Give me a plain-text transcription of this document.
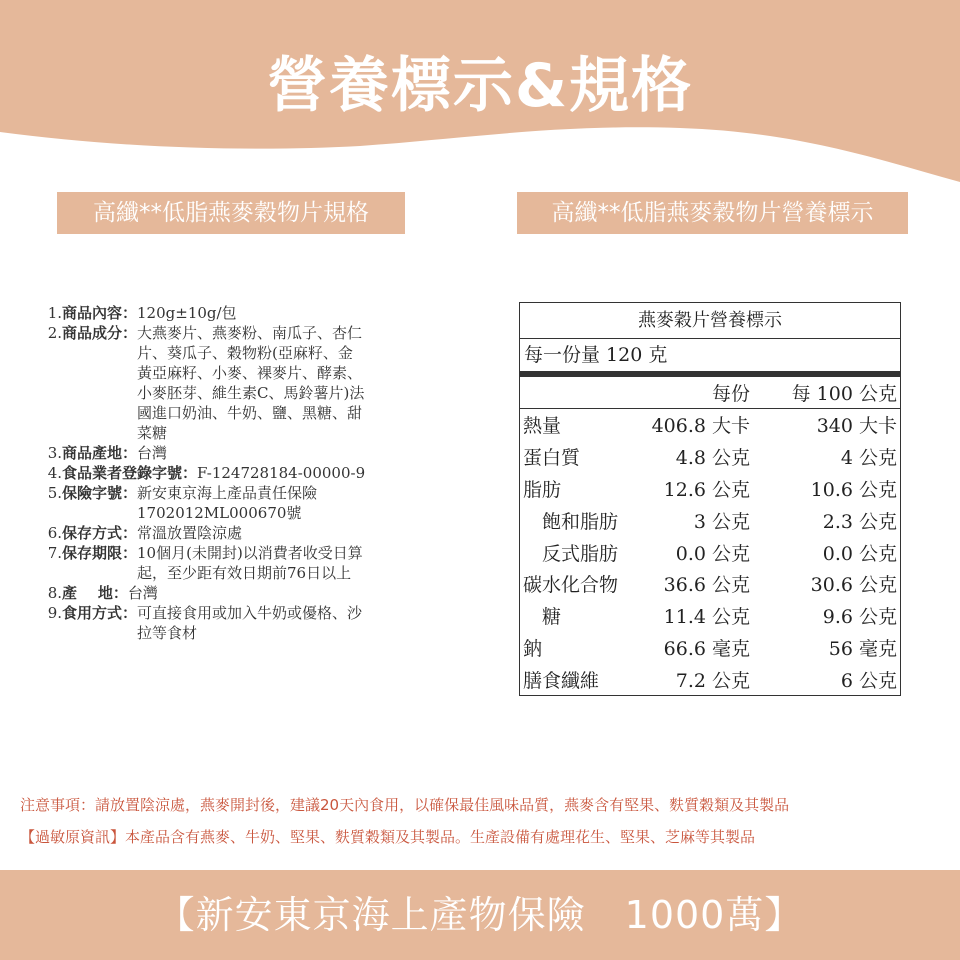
營養標示&規格
高纖**低脂燕麥穀物片規格	高纖**低脂燕麥穀物片營養標示
1. 商品內容： 120g±10g/包
2. 商品成分： 大燕麥片、燕麥粉、南瓜子、杏仁
片、葵瓜子、穀物粉(亞麻籽、金
黃亞麻籽、小麥、裸麥片、酵素、
小麥胚芽、維生素C、馬鈴薯片)法
國進口奶油、牛奶、鹽、黑糖、甜
菜糖
3. 商品產地： 台灣
4. 食品業者登錄字號： F-124728184-00000-9
5. 保險字號： 新安東京海上產品責任保險
1702012ML000670號
6. 保存方式： 常溫放置陰涼處
7. 保存期限： 10個月(未開封)以消費者收受日算
起，至少距有效日期前76日以上
8. 產    地： 台灣
9. 食用方式： 可直接食用或加入牛奶或優格、沙
拉等食材
燕麥穀片營養標示
每一份量 120 克
每份 每 100 公克
熱量	406.8 大卡	340 大卡
蛋白質	4.8 公克	4 公克
脂肪	12.6 公克	10.6 公克
飽和脂肪	3 公克	2.3 公克
反式脂肪	0.0 公克	0.0 公克
碳水化合物 36.6 公克	30.6 公克
糖	11.4 公克	9.6 公克
鈉	66.6 毫克	56 毫克
膳食纖維	7.2 公克	6 公克
注意事項：請放置陰涼處，燕麥開封後，建議20天內食用，以確保最佳風味品質，燕麥含有堅果、麩質穀類及其製品
【過敏原資訊】本產品含有燕麥、牛奶、堅果、麩質穀類及其製品。生產設備有處理花生、堅果、芝麻等其製品
【新安東京海上產物保險　1000萬】
